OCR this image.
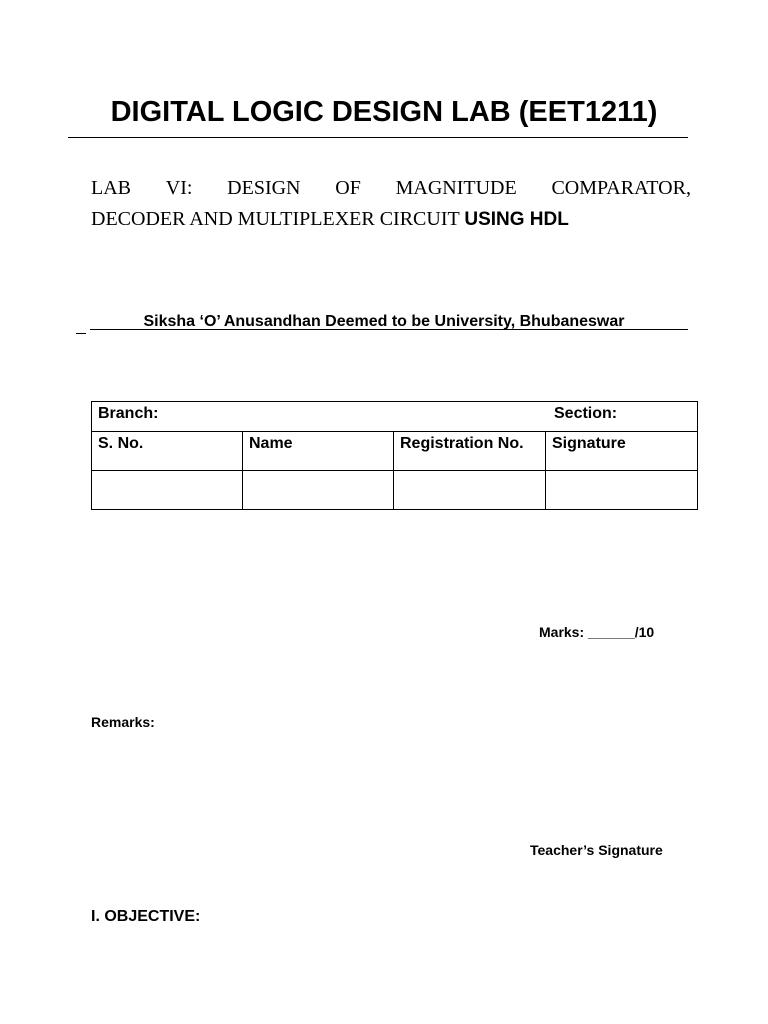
DIGITAL LOGIC DESIGN LAB (EET1211)
LAB VI: DESIGN OF MAGNITUDE COMPARATOR,
DECODER AND MULTIPLEXER CIRCUIT USING HDL
Siksha ‘O’ Anusandhan Deemed to be University, Bhubaneswar
Branch: Section:			

S. No.	Name	Registration No.	Signature

Marks: ______/10
Remarks:
Teacher’s Signature
I. OBJECTIVE:
